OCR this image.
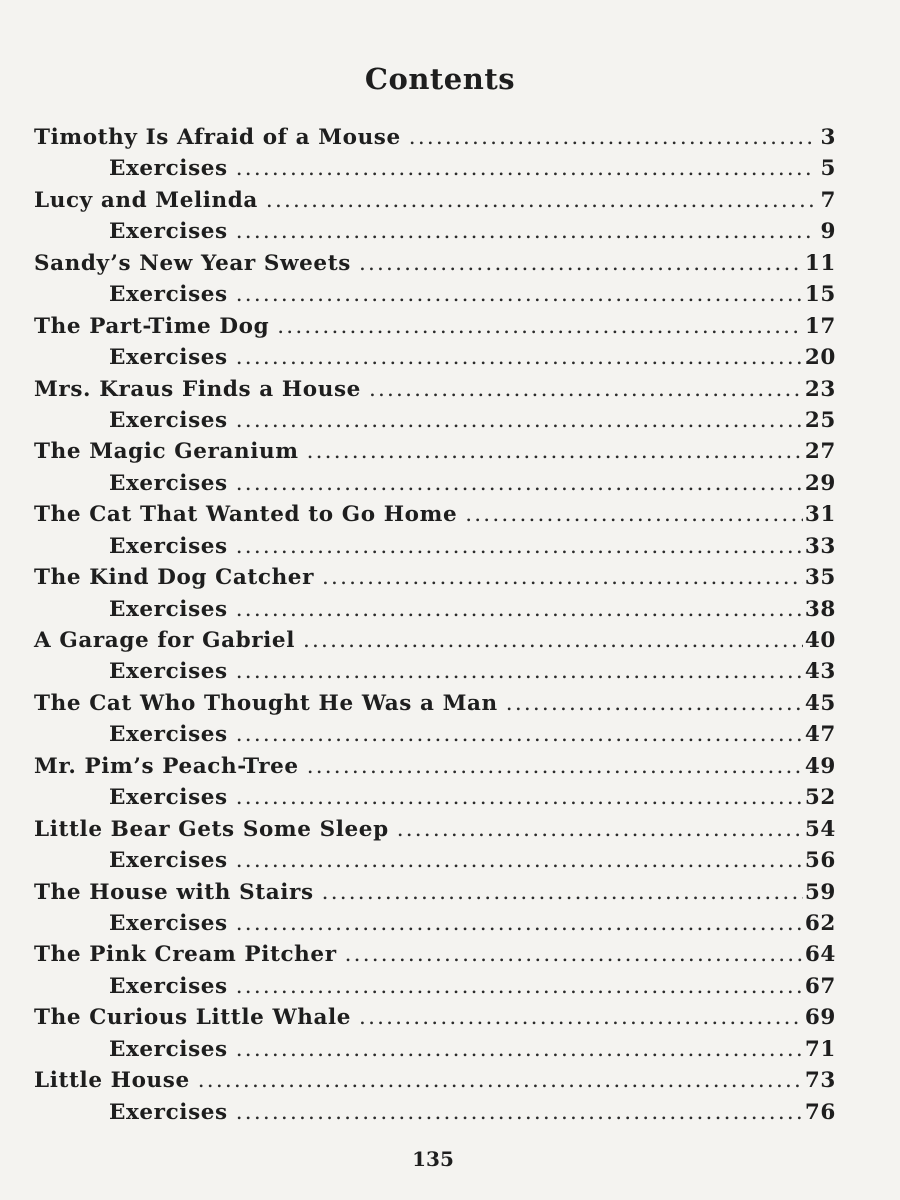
Contents
Timothy Is Afraid of a Mouse .....	3
Exercises .....	5
Lucy and Melinda .....	7
Exercises .....	9
Sandy’s New Year Sweets .....	11
Exercises .....	15
The Part-Time Dog .....	17
Exercises .....	20
Mrs. Kraus Finds a House .....	23
Exercises .....	25
The Magic Geranium .....	27
Exercises .....	29
The Cat That Wanted to Go Home .....	31
Exercises .....	33
The Kind Dog Catcher .....	35
Exercises .....	38
A Garage for Gabriel .....	40
Exercises .....	43
The Cat Who Thought He Was a Man .....	45
Exercises .....	47
Mr. Pim’s Peach-Tree .....	49
Exercises .....	52
Little Bear Gets Some Sleep .....	54
Exercises .....	56
The House with Stairs .....	59
Exercises .....	62
The Pink Cream Pitcher .....	64
Exercises .....	67
The Curious Little Whale .....	69
Exercises .....	71
Little House .....	73
Exercises .....	76
135
